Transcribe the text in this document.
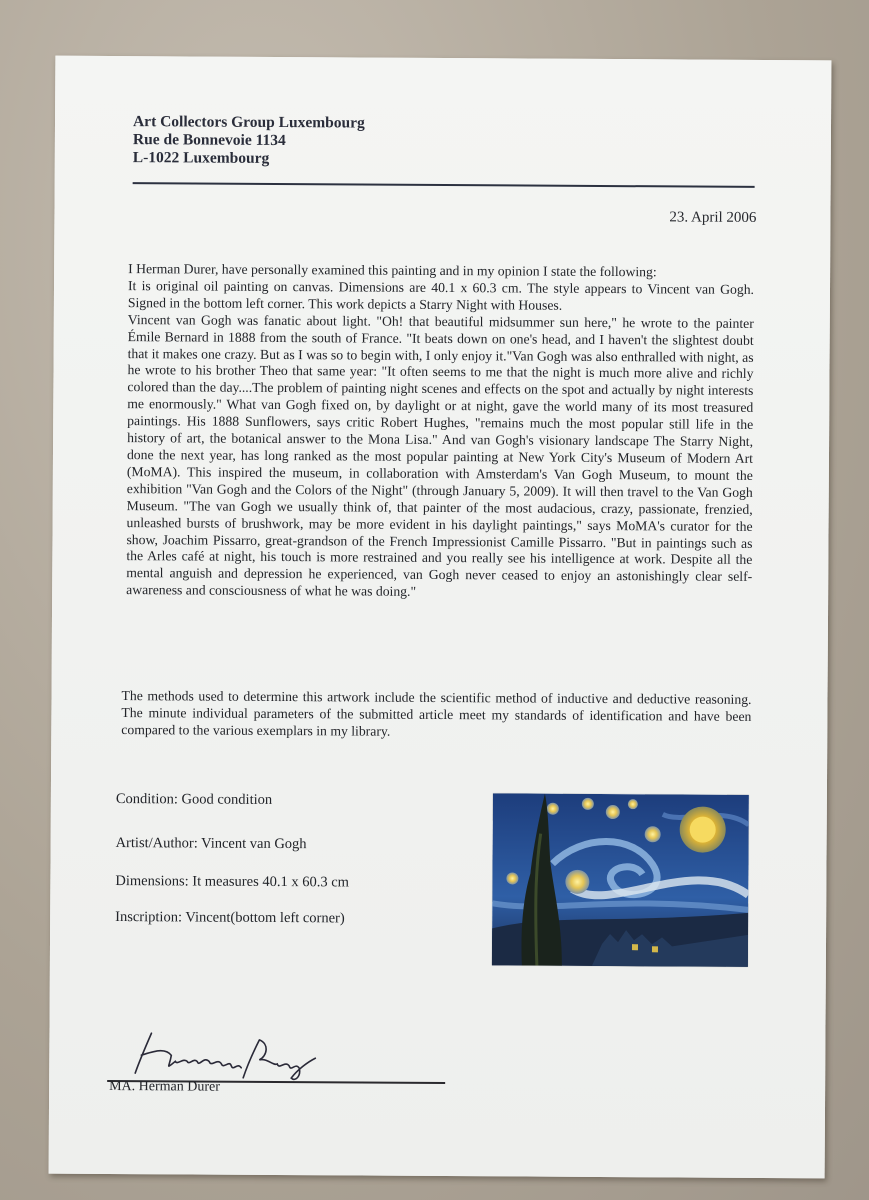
Art Collectors Group Luxembourg
Rue de Bonnevoie 1134
L-1022 Luxembourg
23. April 2006

I Herman Durer, have personally examined this painting and in my opinion I state the following:

It is original oil painting on canvas. Dimensions are 40.1 x 60.3 cm. The style appears to Vincent van Gogh. Signed in the bottom left corner. This work depicts a Starry Night with Houses.

Vincent van Gogh was fanatic about light. "Oh! that beautiful midsummer sun here," he wrote to the painter Émile Bernard in 1888 from the south of France. "It beats down on one's head, and I haven't the slightest doubt that it makes one crazy. But as I was so to begin with, I only enjoy it."Van Gogh was also enthralled with night, as he wrote to his brother Theo that same year: "It often seems to me that the night is much more alive and richly colored than the day....The problem of painting night scenes and effects on the spot and actually by night interests me enormously." What van Gogh fixed on, by daylight or at night, gave the world many of its most treasured paintings. His 1888 Sunflowers, says critic Robert Hughes, "remains much the most popular still life in the history of art, the botanical answer to the Mona Lisa." And van Gogh's visionary landscape The Starry Night, done the next year, has long ranked as the most popular painting at New York City's Museum of Modern Art (MoMA). This inspired the museum, in collaboration with Amsterdam's Van Gogh Museum, to mount the exhibition "Van Gogh and the Colors of the Night" (through January 5, 2009). It will then travel to the Van Gogh Museum. "The van Gogh we usually think of, that painter of the most audacious, crazy, passionate, frenzied, unleashed bursts of brushwork, may be more evident in his daylight paintings," says MoMA's curator for the show, Joachim Pissarro, great-grandson of the French Impressionist Camille Pissarro. "But in paintings such as the Arles café at night, his touch is more restrained and you really see his intelligence at work. Despite all the mental anguish and depression he experienced, van Gogh never ceased to enjoy an astonishingly clear self-awareness and consciousness of what he was doing."

The methods used to determine this artwork include the scientific method of inductive and deductive reasoning. The minute individual parameters of the submitted article meet my standards of identification and have been compared to the various exemplars in my library.
Condition: Good condition
Artist/Author: Vincent van Gogh
Dimensions: It measures 40.1 x 60.3 cm
Inscription: Vincent(bottom left corner)
MA. Herman Durer
